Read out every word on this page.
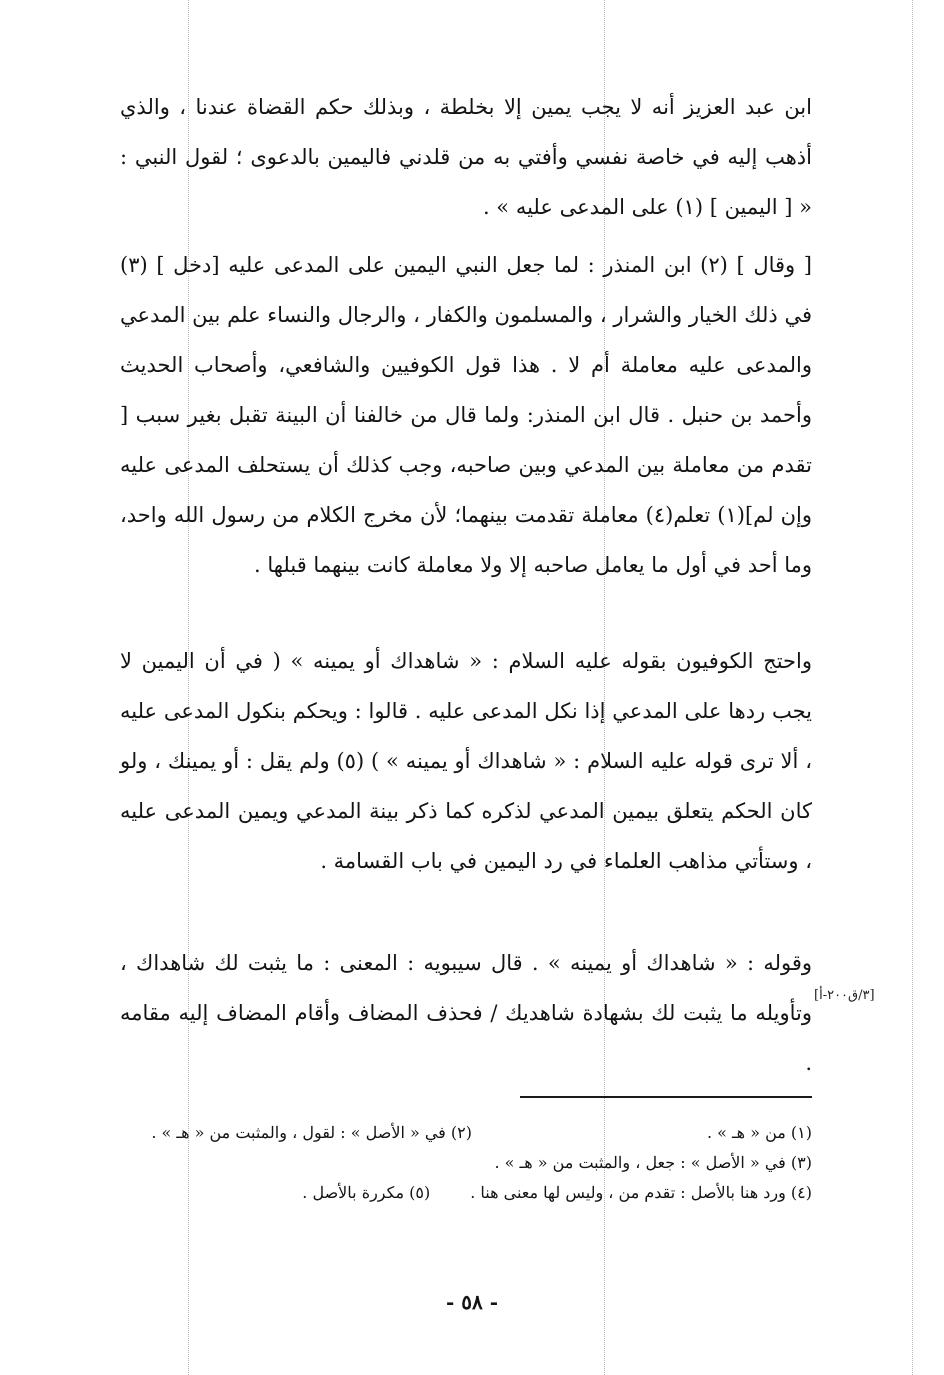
ابن عبد العزيز أنه لا يجب يمين إلا بخلطة ، وبذلك حكم القضاة عندنا ، والذي أذهب إليه في خاصة نفسي وأفتي به من قلدني فاليمين بالدعوى ؛ لقول النبي : « [ اليمين ] (١) على المدعى عليه » .

[ وقال ] (٢) ابن المنذر : لما جعل النبي اليمين على المدعى عليه [دخل ] (٣) في ذلك الخيار والشرار ، والمسلمون والكفار ، والرجال والنساء علم بين المدعي والمدعى عليه معاملة أم لا . هذا قول الكوفيين والشافعي، وأصحاب الحديث وأحمد بن حنبل . قال ابن المنذر: ولما قال من خالفنا أن البينة تقبل بغير سبب [ تقدم من معاملة بين المدعي وبين صاحبه، وجب كذلك أن يستحلف المدعى عليه وإن لم](١) تعلم(٤) معاملة تقدمت بينهما؛ لأن مخرج الكلام من رسول الله واحد، وما أحد في أول ما يعامل صاحبه إلا ولا معاملة كانت بينهما قبلها .

واحتج الكوفيون بقوله عليه السلام : « شاهداك أو يمينه » ( في أن اليمين لا يجب ردها على المدعي إذا نكل المدعى عليه . قالوا : ويحكم بنكول المدعى عليه ، ألا ترى قوله عليه السلام : « شاهداك أو يمينه » ) (٥) ولم يقل : أو يمينك ، ولو كان الحكم يتعلق بيمين المدعي لذكره كما ذكر بينة المدعي ويمين المدعى عليه ، وستأتي مذاهب العلماء في رد اليمين في باب القسامة .

وقوله : « شاهداك أو يمينه » . قال سيبويه : المعنى : ما يثبت لك شاهداك ، وتأويله ما يثبت لك بشهادة شاهديك / فحذف المضاف وأقام المضاف إليه مقامه .

[٣/ق٢٠٠-أ]
(١) من « هـ » .
(٢) في « الأصل » : لقول ، والمثبت من « هـ » .
(٣) في « الأصل » : جعل ، والمثبت من « هـ » .
(٤) ورد هنا بالأصل : تقدم من ، وليس لها معنى هنا .
(٥) مكررة بالأصل .
- ٥٨ -
